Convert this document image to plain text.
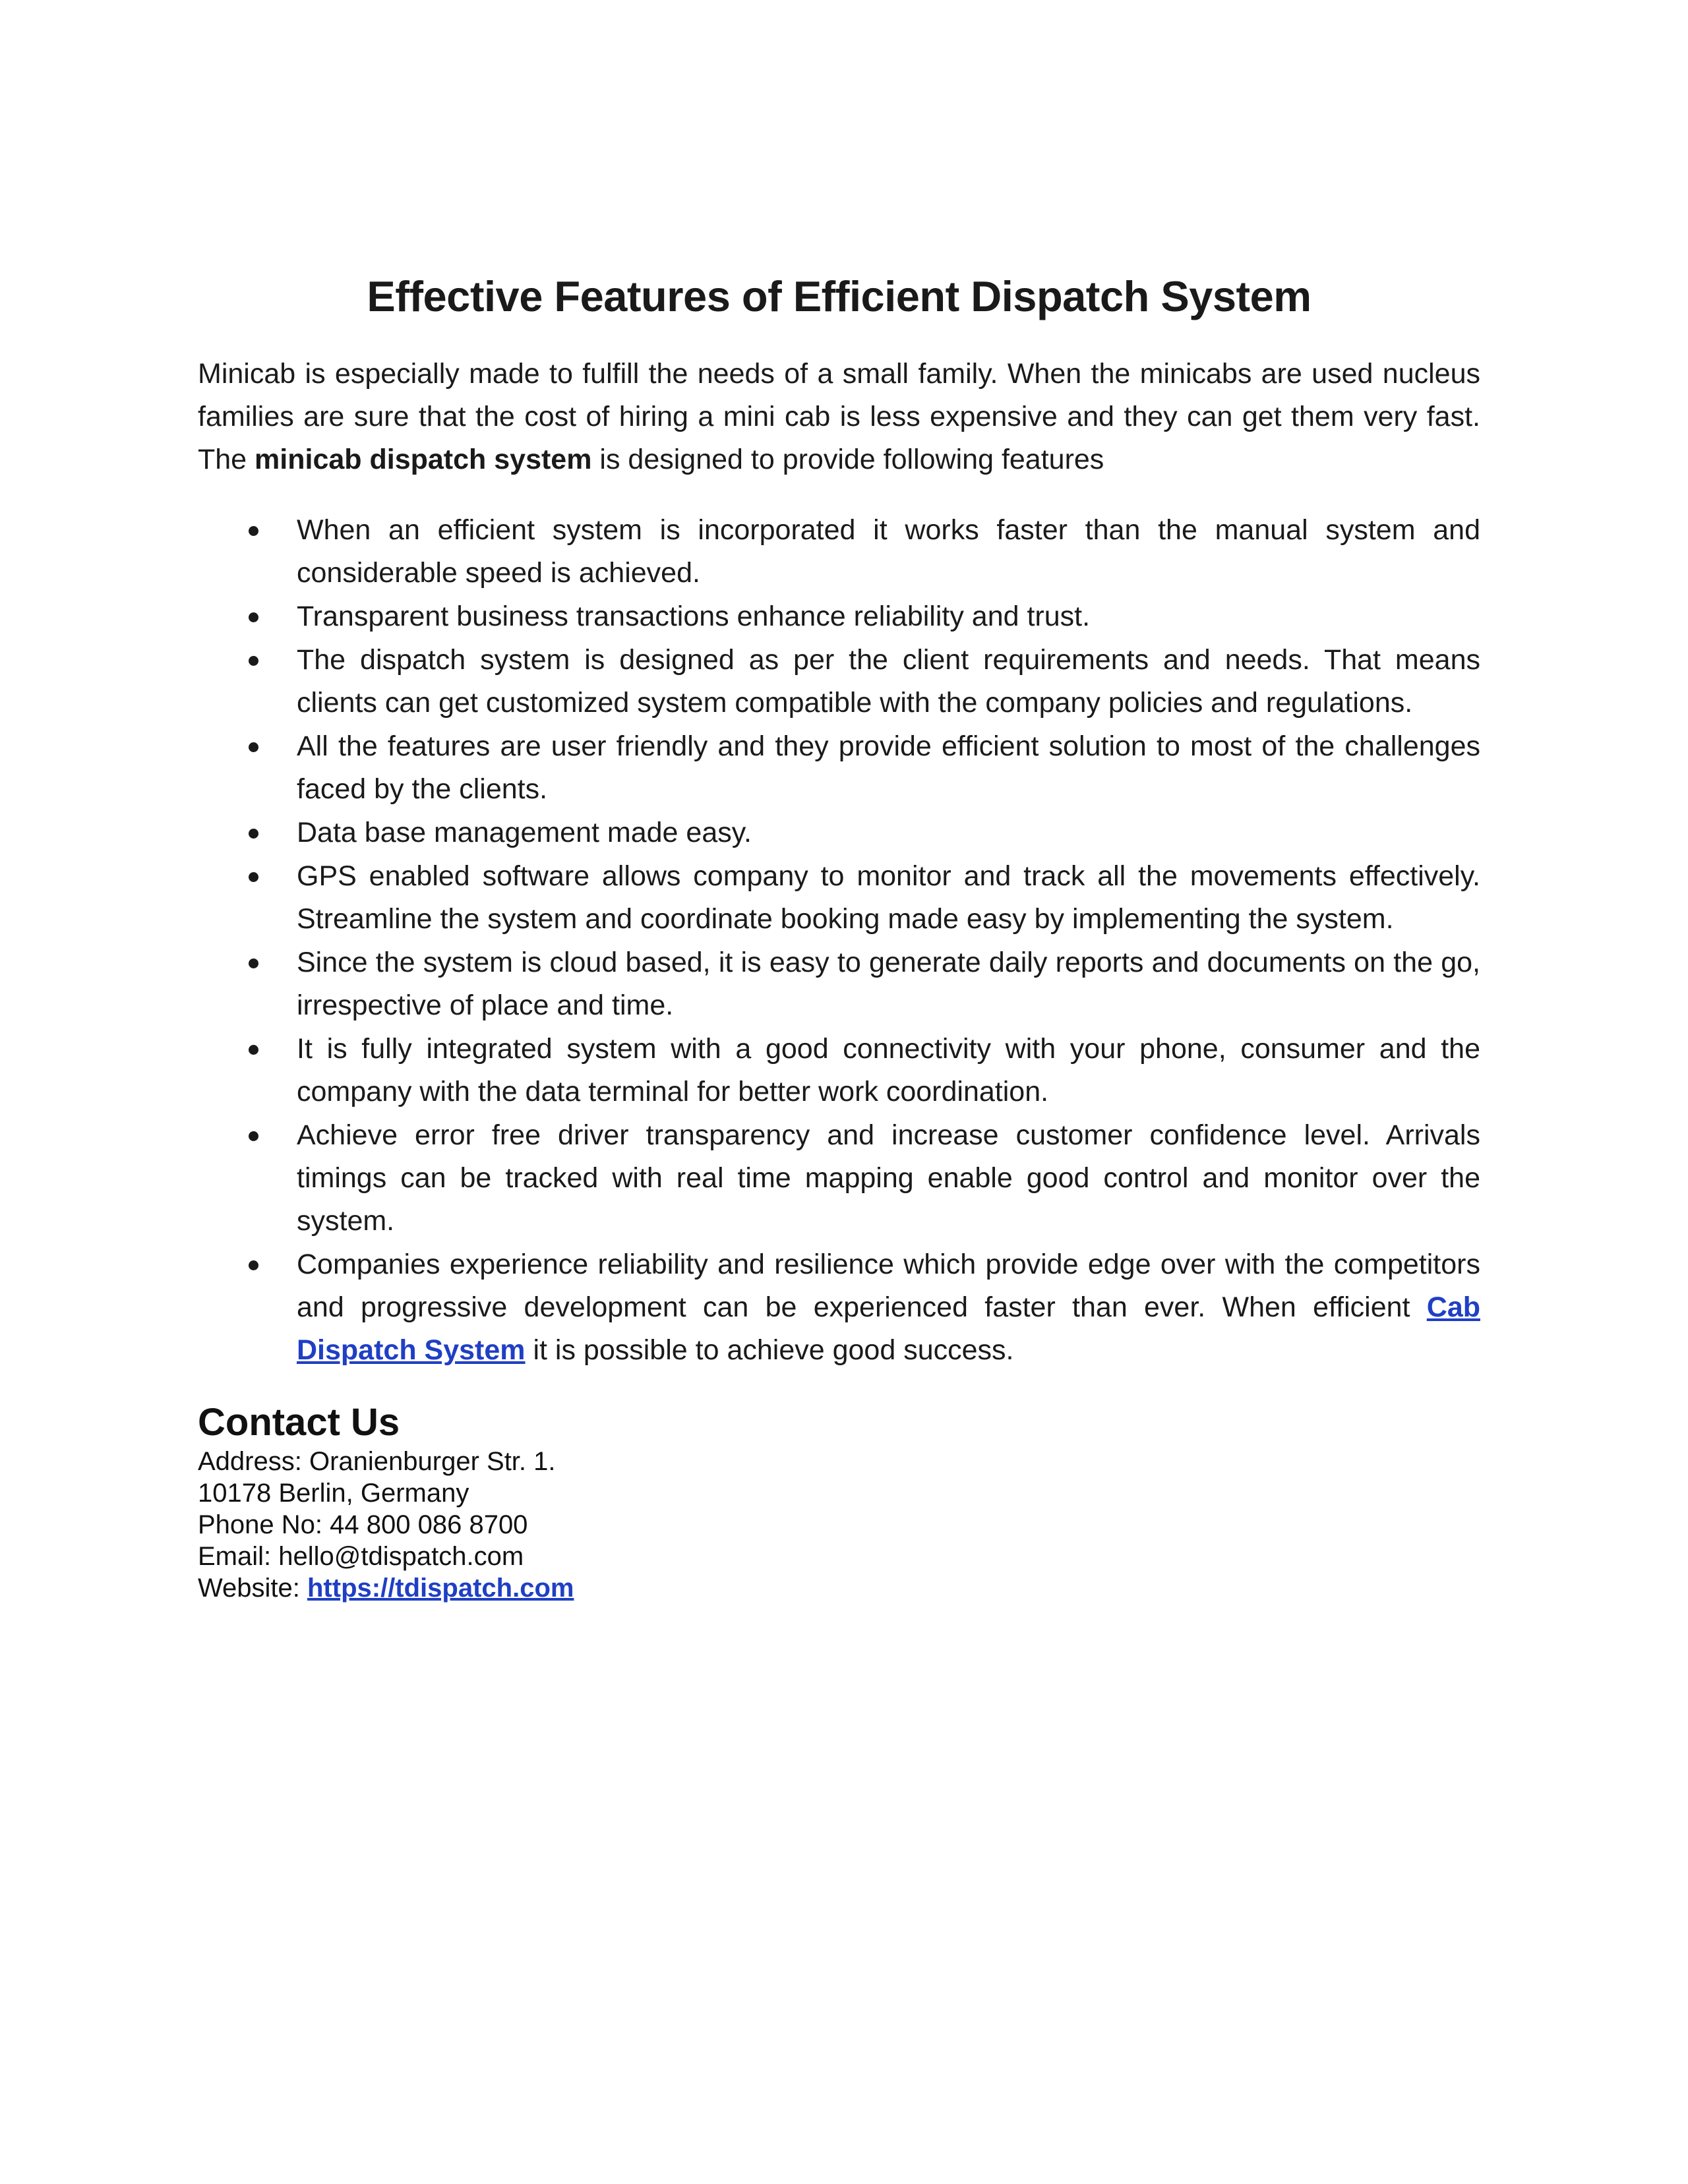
Effective Features of Efficient Dispatch System

Minicab is especially made to fulfill the needs of a small family. When the minicabs are used nucleus families are sure that the cost of hiring a mini cab is less expensive and they can get them very fast. The minicab dispatch system is designed to provide following features

When an efficient system is incorporated it works faster than the manual system and considerable speed is achieved.
Transparent business transactions enhance reliability and trust.
The dispatch system is designed as per the client requirements and needs. That means clients can get customized system compatible with the company policies and regulations.
All the features are user friendly and they provide efficient solution to most of the challenges faced by the clients.
Data base management made easy.
GPS enabled software allows company to monitor and track all the movements effectively. Streamline the system and coordinate booking made easy by implementing the system.
Since the system is cloud based, it is easy to generate daily reports and documents on the go, irrespective of place and time.
It is fully integrated system with a good connectivity with your phone, consumer and the company with the data terminal for better work coordination.
Achieve error free driver transparency and increase customer confidence level. Arrivals timings can be tracked with real time mapping enable good control and monitor over the system.
Companies experience reliability and resilience which provide edge over with the competitors and progressive development can be experienced faster than ever. When efficient Cab Dispatch System it is possible to achieve good success.
Contact Us
Address: Oranienburger Str. 1.
10178 Berlin, Germany
Phone No: 44 800 086 8700
Email: hello@tdispatch.com
Website: https://tdispatch.com
